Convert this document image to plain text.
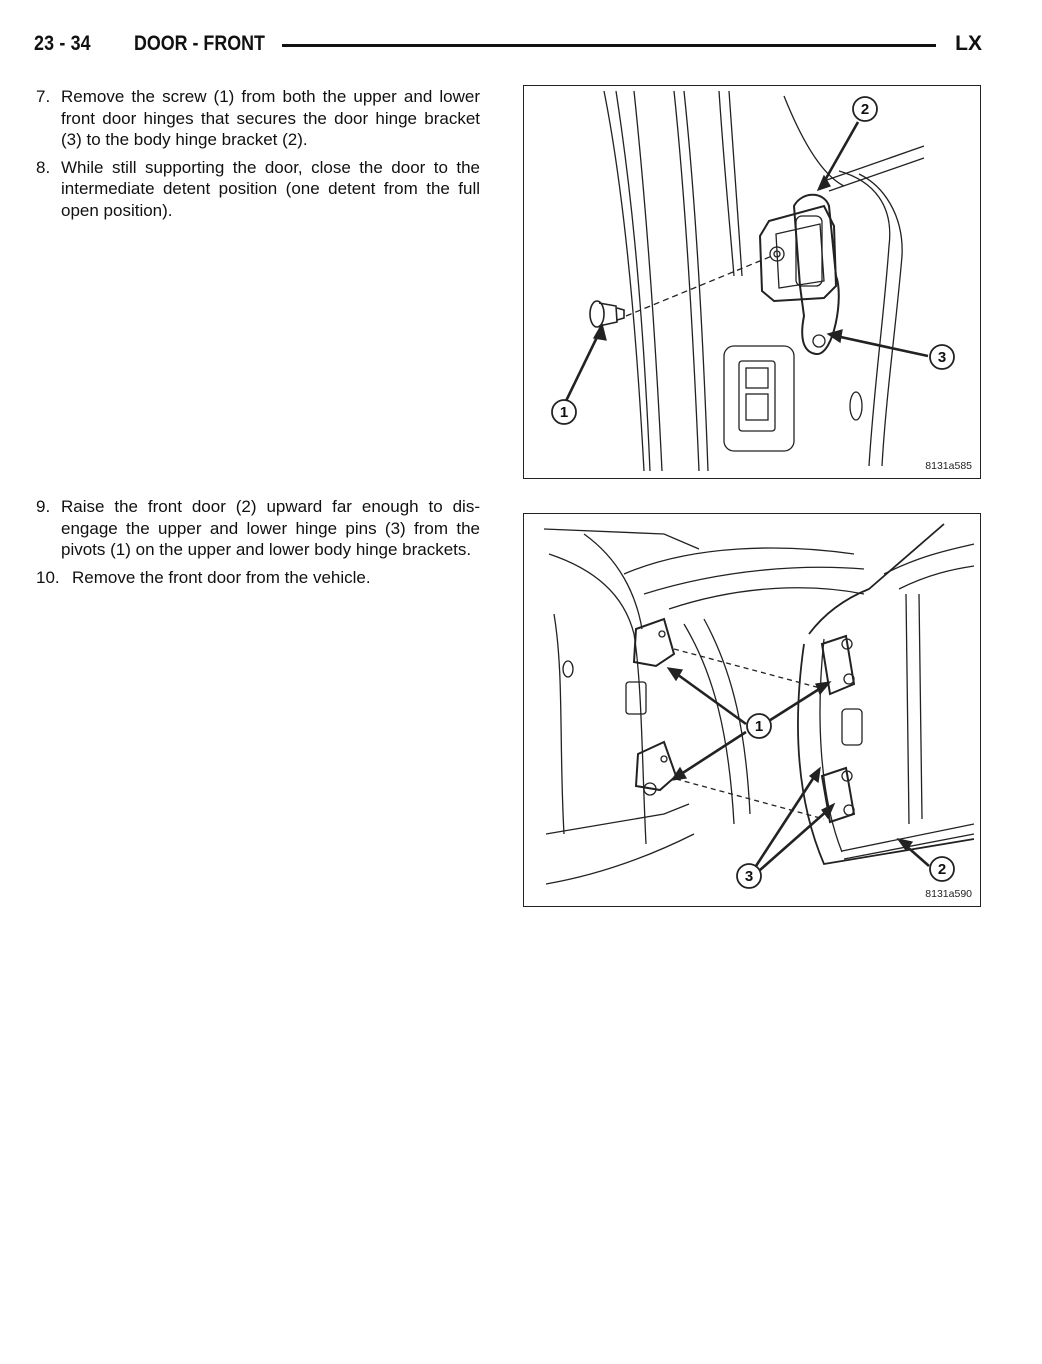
23 - 34 DOOR - FRONT	LX
7. Remove the screw (1) from both the upper and lower front door hinges that secures the door hinge bracket (3) to the body hinge bracket (2).
8. While still supporting the door, close the door to the intermediate detent position (one detent from the full open position).
9. Raise the front door (2) upward far enough to dis-engage the upper and lower hinge pins (3) from the pivots (1) on the upper and lower body hinge brackets.
10. Remove the front door from the vehicle.
1
2
3
8131a585
1
2
3
8131a590
